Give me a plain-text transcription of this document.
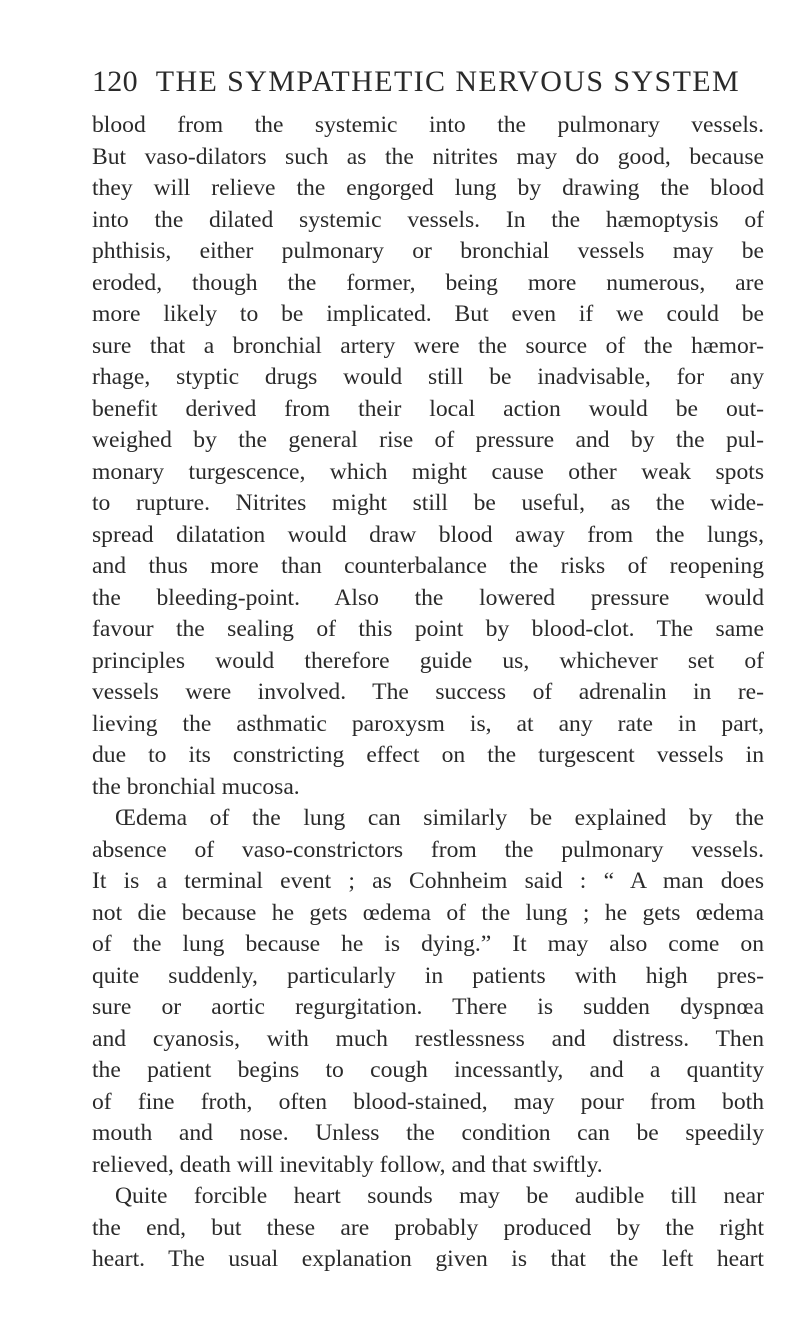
120 THE SYMPATHETIC NERVOUS SYSTEM
blood from the systemic into the pulmonary vessels.
But vaso-dilators such as the nitrites may do good, because
they will relieve the engorged lung by drawing the blood
into the dilated systemic vessels. In the hæmoptysis of
phthisis, either pulmonary or bronchial vessels may be
eroded, though the former, being more numerous, are
more likely to be implicated. But even if we could be
sure that a bronchial artery were the source of the hæmor-
rhage, styptic drugs would still be inadvisable, for any
benefit derived from their local action would be out-
weighed by the general rise of pressure and by the pul-
monary turgescence, which might cause other weak spots
to rupture. Nitrites might still be useful, as the wide-
spread dilatation would draw blood away from the lungs,
and thus more than counterbalance the risks of reopening
the bleeding-point. Also the lowered pressure would
favour the sealing of this point by blood-clot. The same
principles would therefore guide us, whichever set of
vessels were involved. The success of adrenalin in re-
lieving the asthmatic paroxysm is, at any rate in part,
due to its constricting effect on the turgescent vessels in
the bronchial mucosa.
Œdema of the lung can similarly be explained by the
absence of vaso-constrictors from the pulmonary vessels.
It is a terminal event ; as Cohnheim said : “ A man does
not die because he gets œdema of the lung ; he gets œdema
of the lung because he is dying.” It may also come on
quite suddenly, particularly in patients with high pres-
sure or aortic regurgitation. There is sudden dyspnœa
and cyanosis, with much restlessness and distress. Then
the patient begins to cough incessantly, and a quantity
of fine froth, often blood-stained, may pour from both
mouth and nose. Unless the condition can be speedily
relieved, death will inevitably follow, and that swiftly.
Quite forcible heart sounds may be audible till near
the end, but these are probably produced by the right
heart. The usual explanation given is that the left heart
